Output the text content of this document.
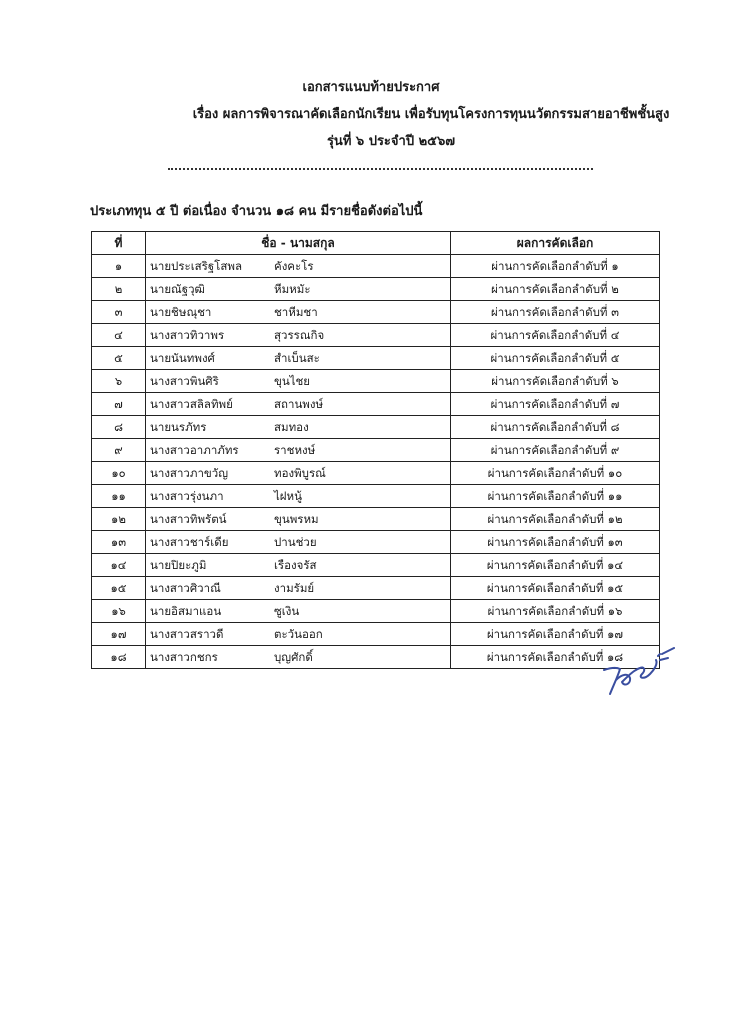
เอกสารแนบท้ายประกาศ
เรื่อง ผลการพิจารณาคัดเลือกนักเรียน เพื่อรับทุนโครงการทุนนวัตกรรมสายอาชีพชั้นสูง
รุ่นที่ ๖ ประจำปี ๒๕๖๗
ประเภททุน ๕ ปี ต่อเนื่อง จำนวน ๑๘ คน มีรายชื่อดังต่อไปนี้
ที่	ชื่อ - นามสกุล	ผลการคัดเลือก
๑	นายประเสริฐโสพล คังคะโร	ผ่านการคัดเลือกลำดับที่ ๑
๒	นายณัฐวุฒิ หีมหมัะ	ผ่านการคัดเลือกลำดับที่ ๒
๓	นายชิษณุชา ชาหีมชา	ผ่านการคัดเลือกลำดับที่ ๓
๔	นางสาวทิวาพร สุวรรณกิจ	ผ่านการคัดเลือกลำดับที่ ๔
๕	นายนันทพงศ์ สำเบ็นสะ	ผ่านการคัดเลือกลำดับที่ ๕
๖	นางสาวพินศิริ ขุนไชย	ผ่านการคัดเลือกลำดับที่ ๖
๗	นางสาวสลิลทิพย์ สถานพงษ์	ผ่านการคัดเลือกลำดับที่ ๗
๘	นายนรภัทร สมทอง	ผ่านการคัดเลือกลำดับที่ ๘
๙	นางสาวอาภาภัทร ราชหงษ์	ผ่านการคัดเลือกลำดับที่ ๙
๑๐	นางสาวภาขวัญ ทองพิบูรณ์	ผ่านการคัดเลือกลำดับที่ ๑๐
๑๑	นางสาวรุ่งนภา ไฝหนู้	ผ่านการคัดเลือกลำดับที่ ๑๑
๑๒	นางสาวทิพรัตน์ ขุนพรหม	ผ่านการคัดเลือกลำดับที่ ๑๒
๑๓	นางสาวชาร์เดีย ปานช่วย	ผ่านการคัดเลือกลำดับที่ ๑๓
๑๔	นายปิยะภูมิ เรืองจรัส	ผ่านการคัดเลือกลำดับที่ ๑๔
๑๕	นางสาวศิวาณี งามรัมย์	ผ่านการคัดเลือกลำดับที่ ๑๕
๑๖	นายอิสมาแอน ซูเงิน	ผ่านการคัดเลือกลำดับที่ ๑๖
๑๗	นางสาวสราวดี ตะวันออก	ผ่านการคัดเลือกลำดับที่ ๑๗
๑๘	นางสาวกชกร บุญศักดิ์	ผ่านการคัดเลือกลำดับที่ ๑๘
